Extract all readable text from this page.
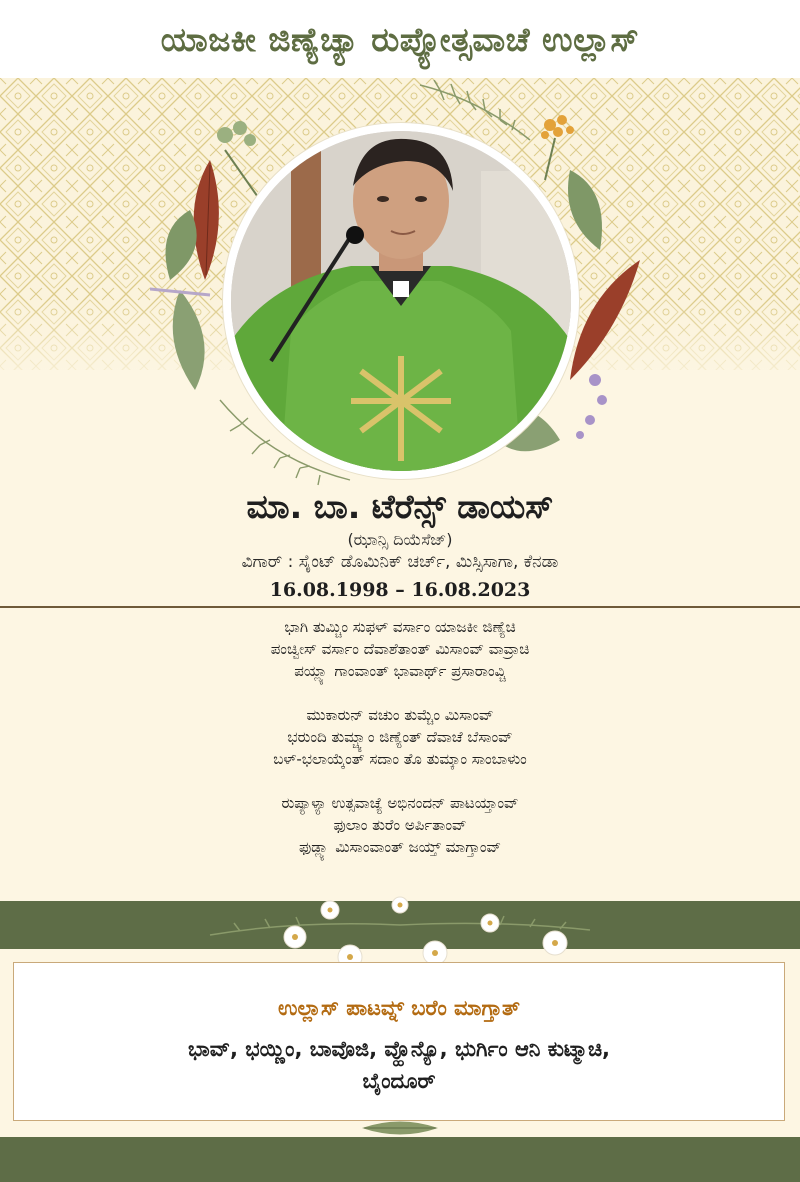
ಯಾಜಕೀ ಜಿಣ್ಯೆಚ್ಯಾ ರುಪ್ಯೋತ್ಸವಾಚೆ ಉಲ್ಲಾಸ್
ಮಾ. ಬಾ. ಟೆರೆನ್ಸ್ ಡಾಯಸ್
(ಝಾನ್ಸಿ ದಿಯೆಸೆಜ್)
ವಿಗಾರ್ : ಸೈಂಟ್ ಡೊಮಿನಿಕ್ ಚರ್ಚ್, ಮಿಸ್ಸಿಸಾಗಾ, ಕೆನಡಾ
16.08.1998 – 16.08.2023
ಭಾಗಿ ತುಮ್ಚಿಂ ಸುಫಳ್ ವರ್ಸಾಂ ಯಾಜಕೀ ಜಿಣ್ಯೆಚಿ
ಪಂಚ್ವೀಸ್ ವರ್ಸಾಂ ದೆವಾಶೆತಾಂತ್ ಮಿಸಾಂವ್ ವಾವ್ರಾಚಿ
ಪಯ್ಲ್ಯಾ ಗಾಂವಾಂತ್ ಭಾವಾರ್ಥ್ ಪ್ರಸಾರಾಂವ್ಚಿ
ಮುಕಾರುನ್ ವಚುಂ ತುಮ್ಚೆಂ ಮಿಸಾಂವ್
ಭರುಂದಿ ತುಮ್ಚ್ಯಾಂ ಜಿಣ್ಯೆಂತ್ ದೆವಾಚೆ ಬೆಸಾಂವ್
ಬಳ್-ಭಲಾಯ್ಕೆಂತ್ ಸದಾಂ ತೊ ತುಮ್ಕಾಂ ಸಾಂಬಾಳುಂ
ರುಪ್ಯಾಳ್ಯಾ ಉತ್ಸವಾಚ್ಯೆ ಅಭಿನಂದನ್ ಪಾಟಯ್ತಾಂವ್
ಫುಲಾಂ ತುರೆಂ ಅರ್ಪಿತಾಂವ್
ಫುಡ್ಲ್ಯಾ ಮಿಸಾಂವಾಂತ್ ಜಯ್ತ್ ಮಾಗ್ತಾಂವ್
ಉಲ್ಲಾಸ್ ಪಾಟವ್ನ್ ಬರೆಂ ಮಾಗ್ತಾತ್
ಭಾವ್, ಭಯ್ಣಿಂ, ಬಾವೊಜಿ, ವ್ಹೊನ್ಯೊ, ಭುರ್ಗಿಂ ಆನಿ ಕುಟ್ಮಾಚಿ,
ಬೈಂದೂರ್
